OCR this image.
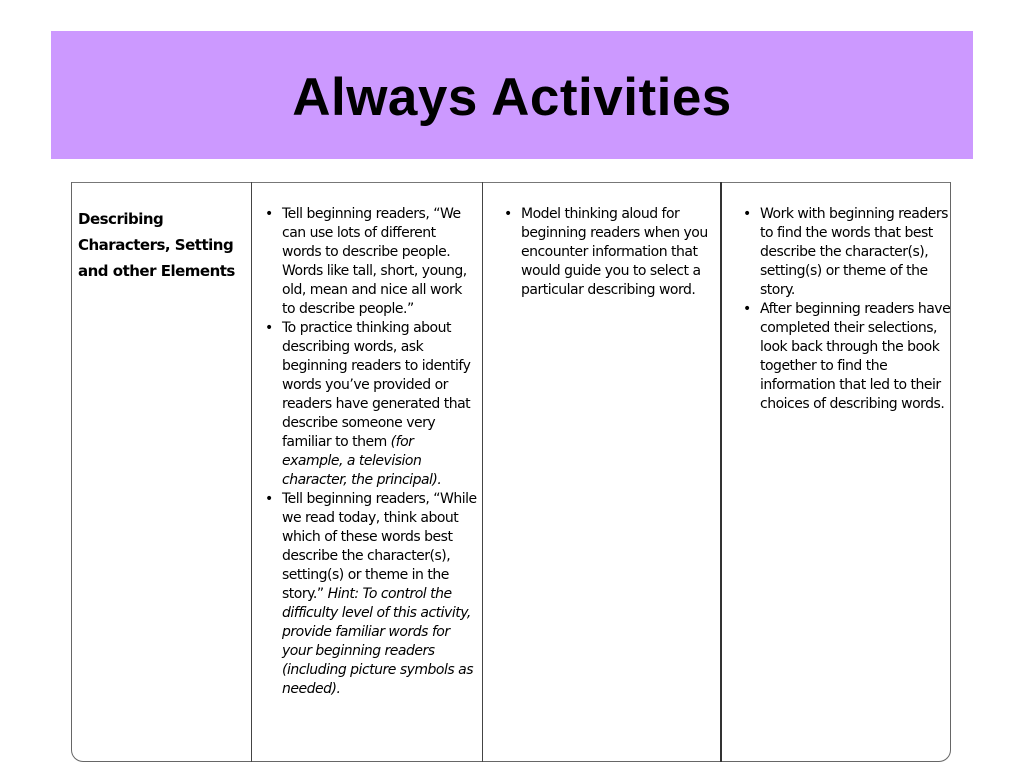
Always Activities
Describing Characters, Setting and other Elements
• Tell beginning readers, “We can use lots of different words to describe people. Words like tall, short, young, old, mean and nice all work to describe people.”
• To practice thinking about describing words, ask beginning readers to identify words you’ve provided or readers have generated that describe someone very familiar to them (for example, a television character, the principal).
• Tell beginning readers, “While we read today, think about which of these words best describe the character(s), setting(s) or theme in the story.” Hint: To control the difficulty level of this activity, provide familiar words for your beginning readers (including picture symbols as needed).
• Model thinking aloud for beginning readers when you encounter information that would guide you to select a particular describing word.
• Work with beginning readers to find the words that best describe the character(s), setting(s) or theme of the story.
• After beginning readers have completed their selections, look back through the book together to find the information that led to their choices of describing words.
